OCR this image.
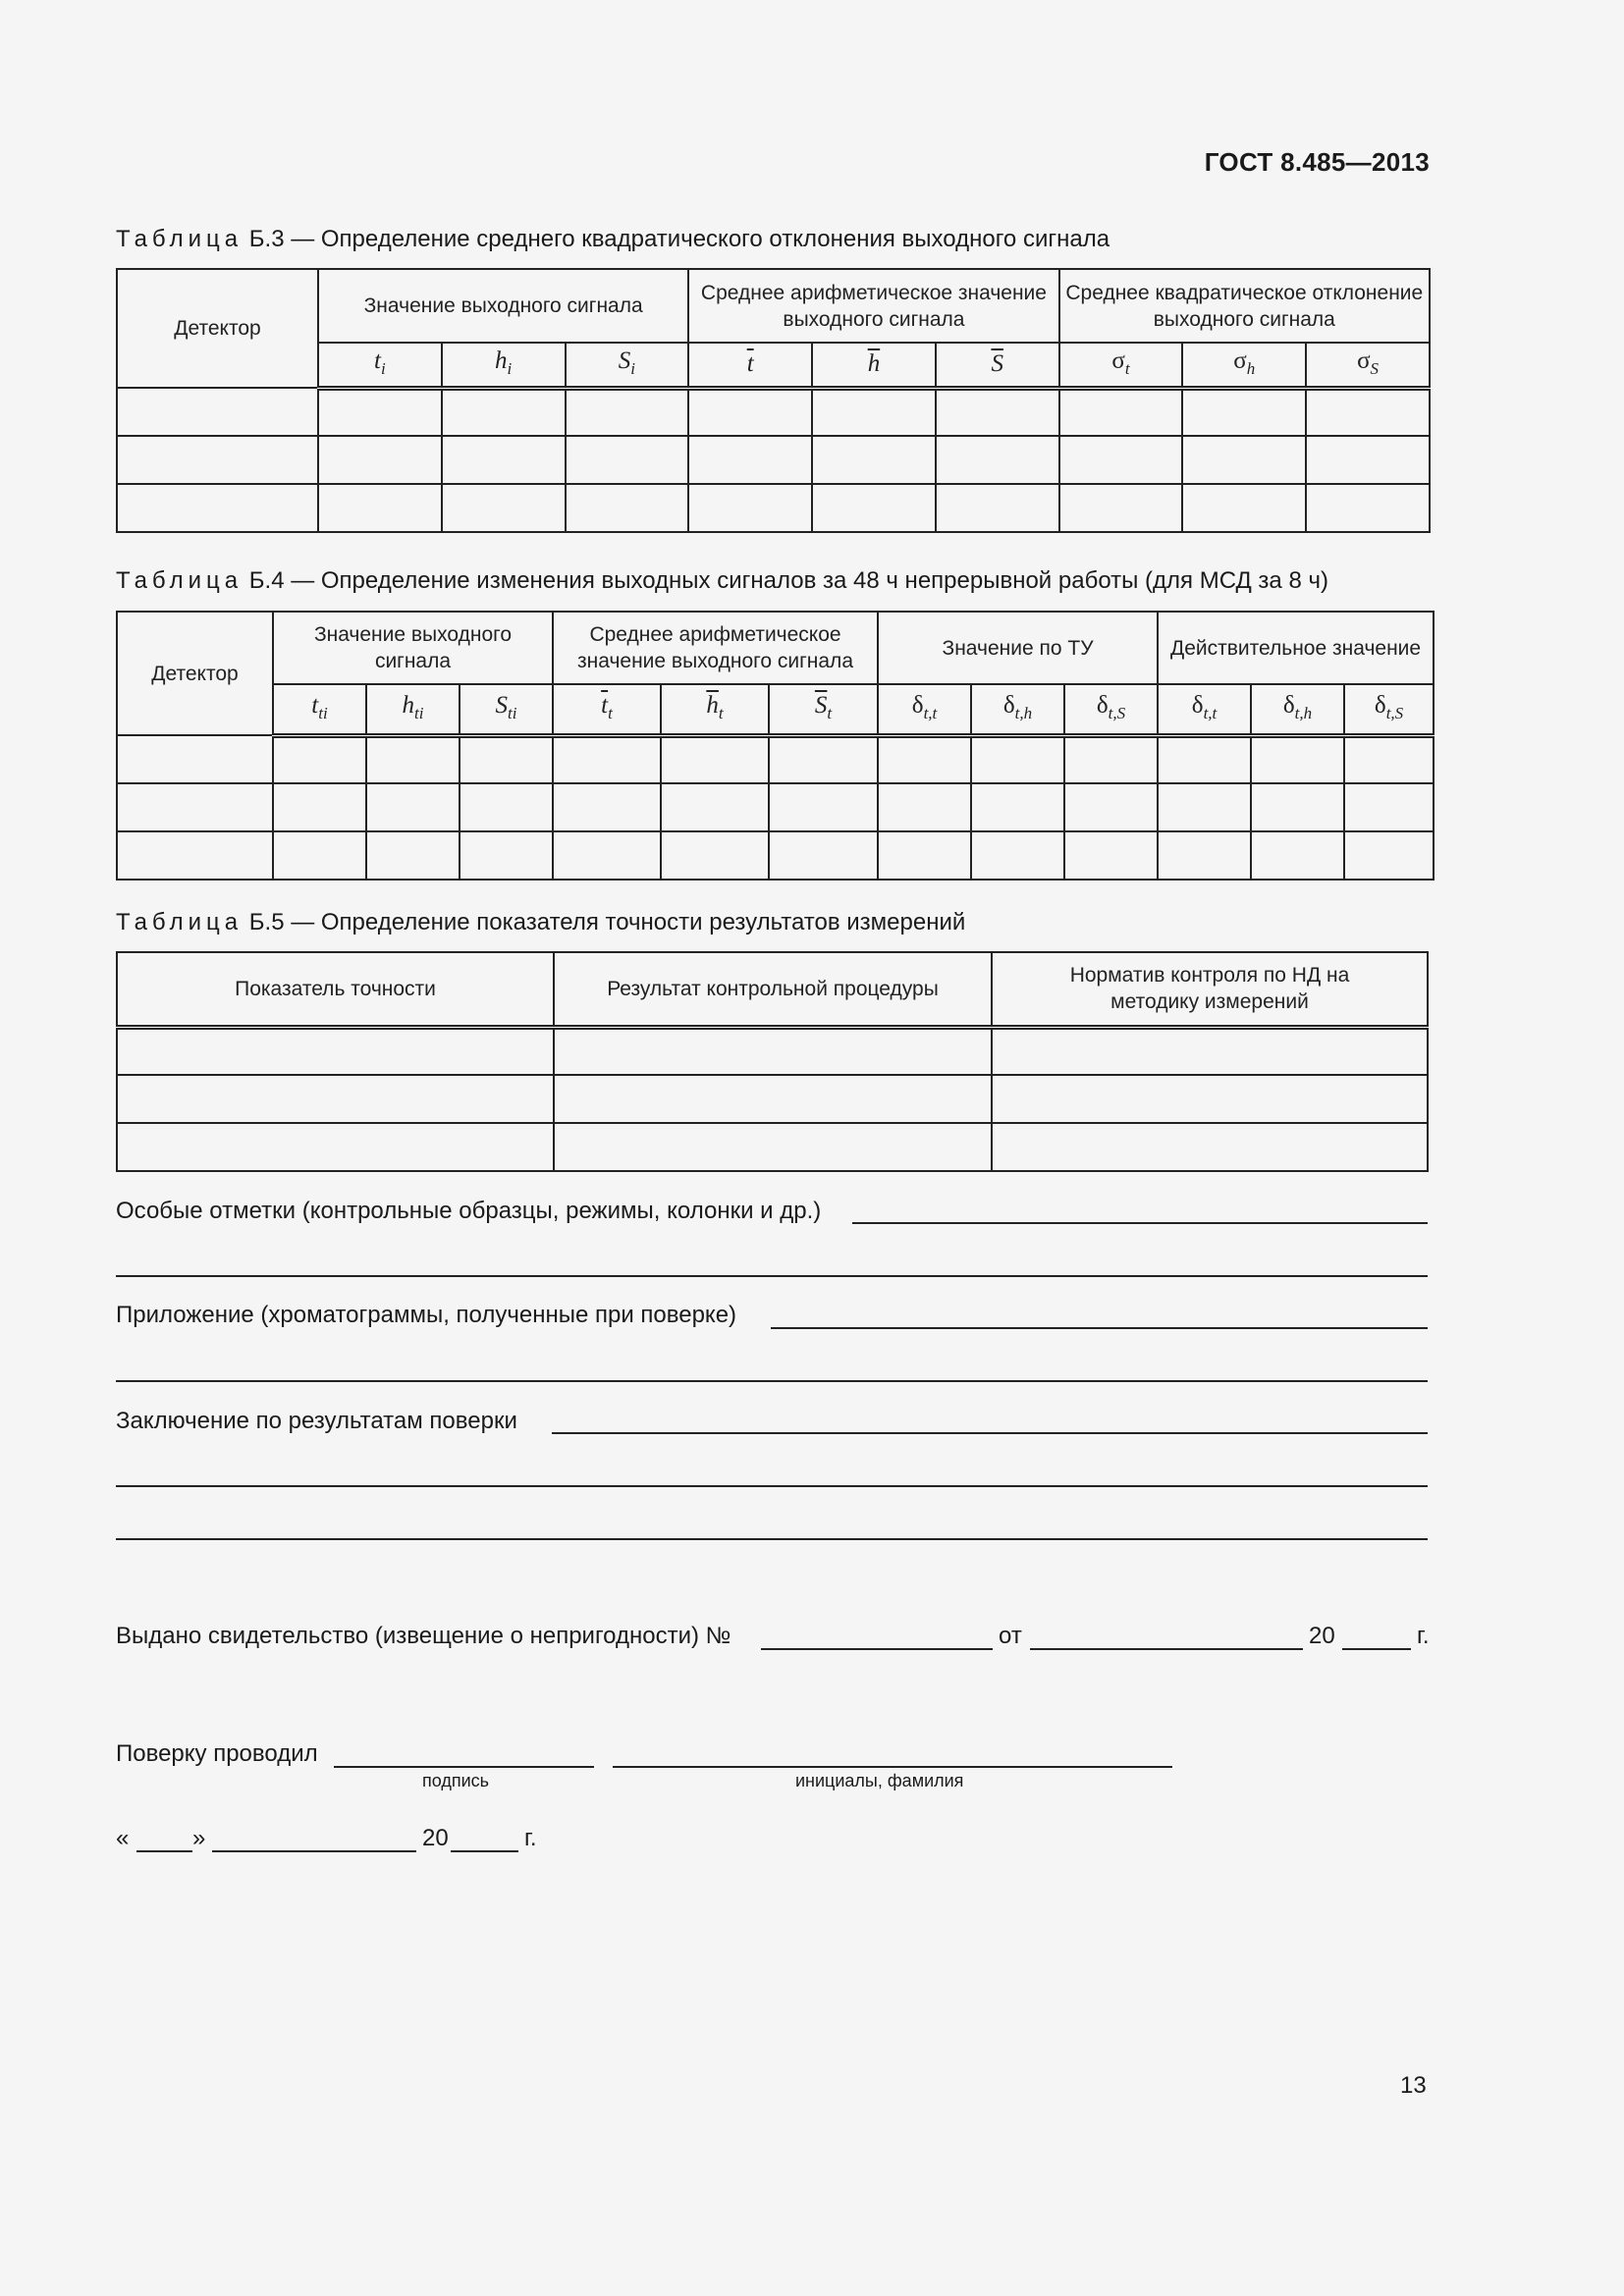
ГОСТ 8.485—2013
Таблица Б.3 — Определение среднего квадратического отклонения выходного сигнала
Детектор	Значение выходного сигнала			Среднее арифметическое значение выходного сигнала			Среднее квадратическое отклонение выходного сигнала		
	$t_i$	$h_i$	$S_i$	$\overline{t}$	$\overline{h}$	$\overline{S}$	$\sigma_t$	$\sigma_h$	$\sigma_S$

Таблица Б.4 — Определение изменения выходных сигналов за 48 ч непрерывной работы (для МСД за 8 ч)
Детектор	Значение выходного сигнала			Среднее арифметическое значение выходного сигнала			Значение по ТУ			Действительное значение		
	$t_{ti}$	$h_{ti}$	$S_{ti}$	$\overline{t}_t$	$\overline{h}_t$	$\overline{S}_t$	$\delta_{t,t}$	$\delta_{t,h}$	$\delta_{t,S}$	$\delta_{t,t}$	$\delta_{t,h}$	$\delta_{t,S}$

Таблица Б.5 — Определение показателя точности результатов измерений
Показатель точности	Результат контрольной процедуры	Норматив контроля по НД на методику измерений

Особые отметки (контрольные образцы, режимы, колонки и др.)
Приложение (хроматограммы, полученные при поверке)
Заключение по результатам поверки
Выдано свидетельство (извещение о непригодности) №	от	20	г.
Поверку проводил
подпись	инициалы, фамилия
«	»	20	г.
13
